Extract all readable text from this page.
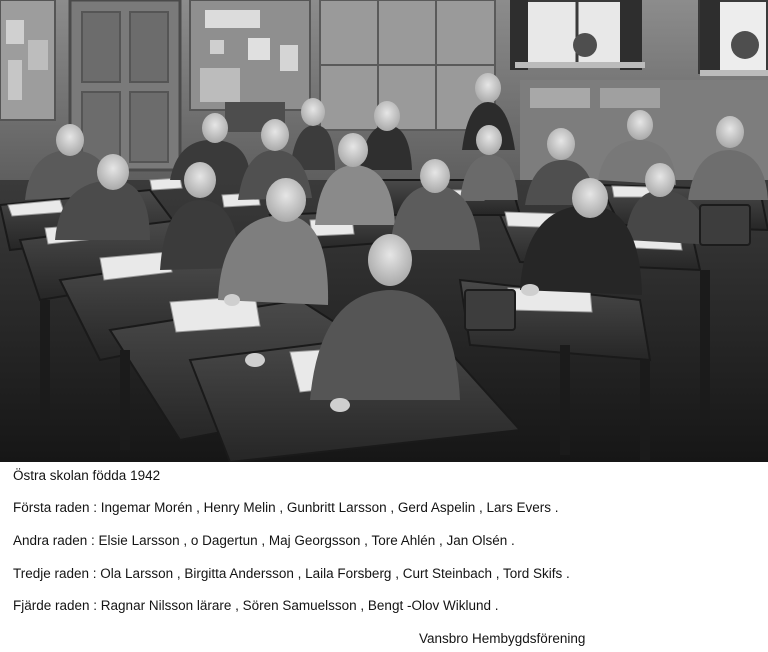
Östra skolan födda 1942
Första raden : Ingemar Morén , Henry Melin , Gunbritt Larsson , Gerd Aspelin , Lars Evers .
Andra raden : Elsie Larsson , o Dagertun , Maj Georgsson , Tore Ahlén , Jan Olsén .
Tredje raden : Ola Larsson , Birgitta Andersson , Laila Forsberg , Curt Steinbach , Tord Skifs .
Fjärde raden : Ragnar Nilsson lärare , Sören Samuelsson , Bengt -Olov Wiklund .
Vansbro Hembygdsförening
